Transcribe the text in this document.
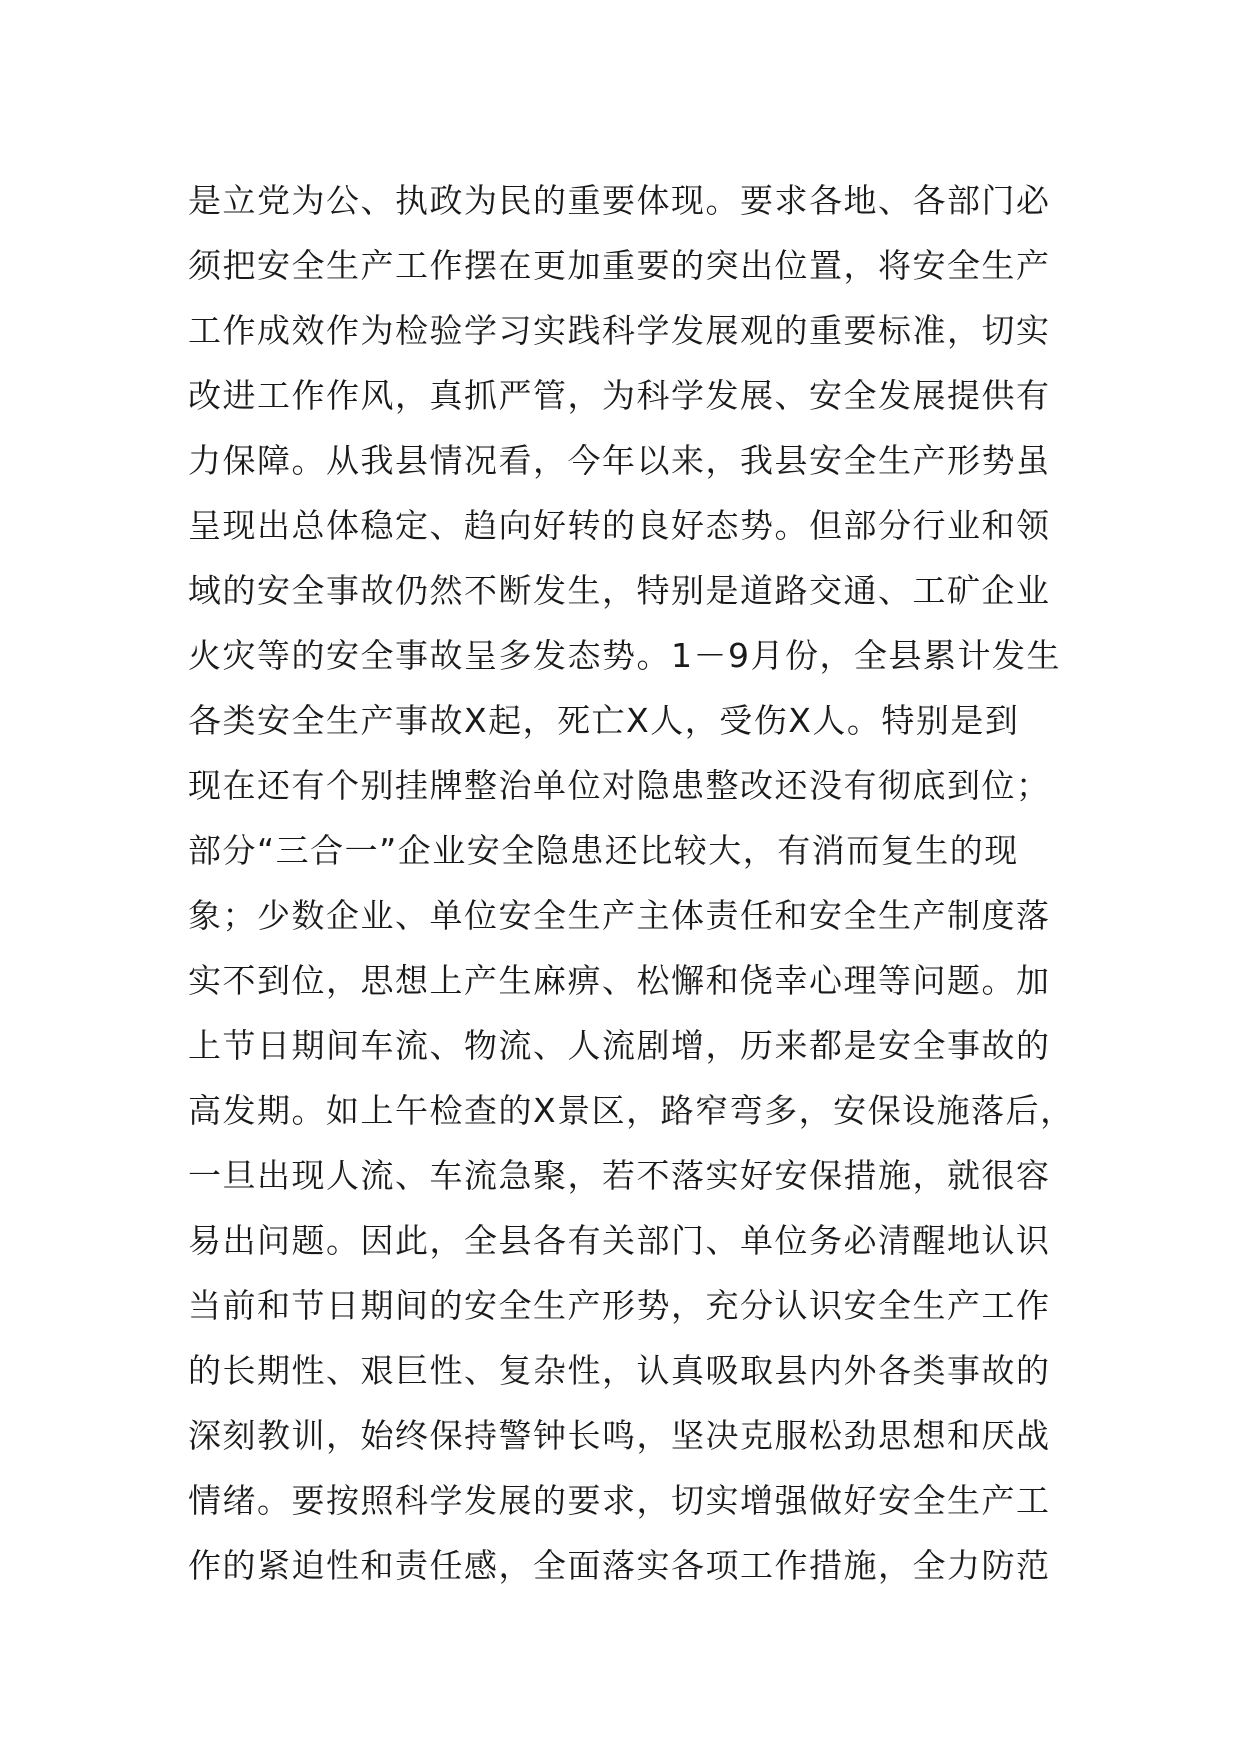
是立党为公、执政为民的重要体现。要求各地、各部门必
须把安全生产工作摆在更加重要的突出位置，将安全生产
工作成效作为检验学习实践科学发展观的重要标准，切实
改进工作作风，真抓严管，为科学发展、安全发展提供有
力保障。从我县情况看，今年以来，我县安全生产形势虽
呈现出总体稳定、趋向好转的良好态势。但部分行业和领
域的安全事故仍然不断发生，特别是道路交通、工矿企业
火灾等的安全事故呈多发态势。1－9月份，全县累计发生
各类安全生产事故X起，死亡X人，受伤X人。特别是到
现在还有个别挂牌整治单位对隐患整改还没有彻底到位；
部分“三合一”企业安全隐患还比较大，有消而复生的现
象；少数企业、单位安全生产主体责任和安全生产制度落
实不到位，思想上产生麻痹、松懈和侥幸心理等问题。加
上节日期间车流、物流、人流剧增，历来都是安全事故的
高发期。如上午检查的X景区，路窄弯多，安保设施落后，
一旦出现人流、车流急聚，若不落实好安保措施，就很容
易出问题。因此，全县各有关部门、单位务必清醒地认识
当前和节日期间的安全生产形势，充分认识安全生产工作
的长期性、艰巨性、复杂性，认真吸取县内外各类事故的
深刻教训，始终保持警钟长鸣，坚决克服松劲思想和厌战
情绪。要按照科学发展的要求，切实增强做好安全生产工
作的紧迫性和责任感，全面落实各项工作措施，全力防范
